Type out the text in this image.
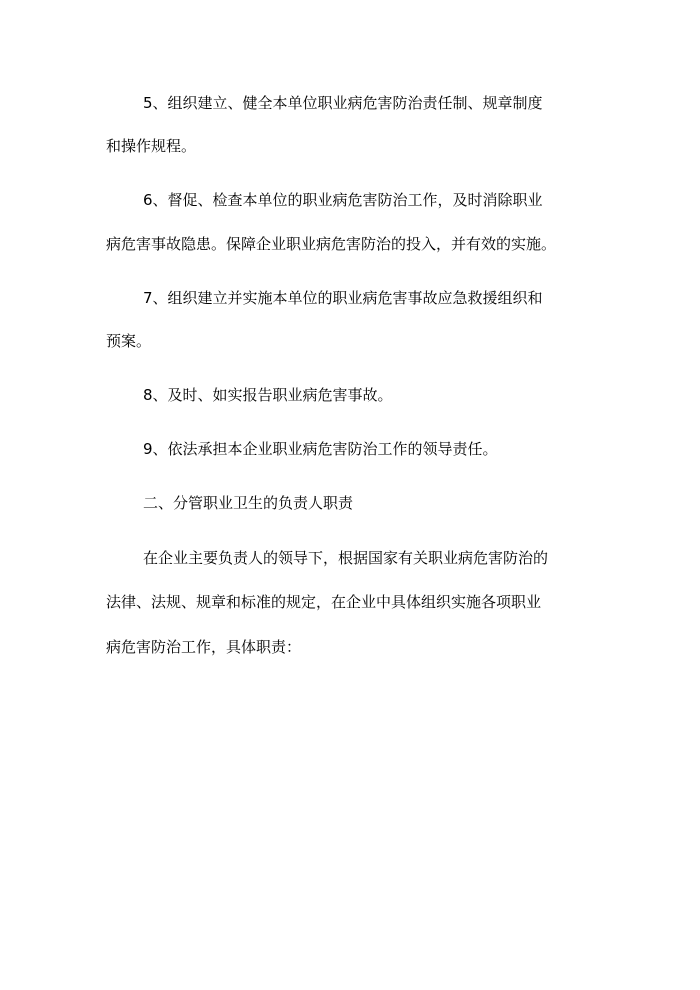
5、组织建立、健全本单位职业病危害防治责任制、规章制度
和操作规程。
6、督促、检查本单位的职业病危害防治工作，及时消除职业
病危害事故隐患。保障企业职业病危害防治的投入，并有效的实施。
7、组织建立并实施本单位的职业病危害事故应急救援组织和
预案。
8、及时、如实报告职业病危害事故。
9、依法承担本企业职业病危害防治工作的领导责任。
二、分管职业卫生的负责人职责
在企业主要负责人的领导下，根据国家有关职业病危害防治的
法律、法规、规章和标准的规定，在企业中具体组织实施各项职业
病危害防治工作，具体职责：
